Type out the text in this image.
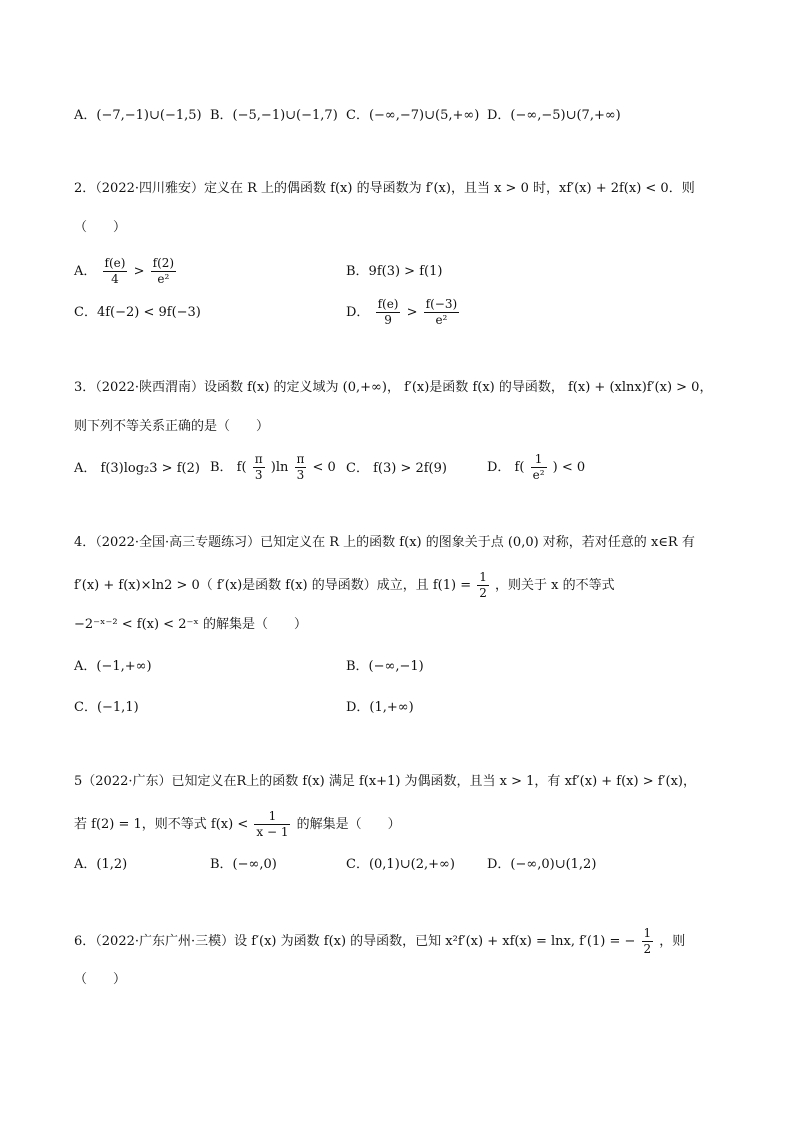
A．(−7,−1)∪(−1,5) B．(−5,−1)∪(−1,7) C．(−∞,−7)∪(5,+∞) D．(−∞,−5)∪(7,+∞)
2．（2022·四川雅安）定义在 R 上的偶函数 f(x) 的导函数为 f′(x)，且当 x > 0 时，xf′(x) + 2f(x) < 0．则
（　　）
A． $\frac{f(e)}{4} > \frac{f(2)}{\text{e²}}$	B．9f(3) > f(1)
C．4f(−2) < 9f(−3)	D． $\frac{f(e)}{9} > \frac{f(-3)}{\text{e²}}$
3．（2022·陕西渭南）设函数 f(x) 的定义域为 (0,+∞)， f′(x)是函数 f(x) 的导函数， f(x) + (xlnx)f′(x) > 0，
则下列不等关系正确的是（　　）
A． f(3)log₂3 > f(2) B． $f( \frac{\pi}{3} )\ln \frac{\pi}{3} < 0$ C． f(3) > 2f(9)	D． $f( \frac{1}{\text{e²}}$ ) < 0
4．（2022·全国·高三专题练习）已知定义在 R 上的函数 f(x) 的图象关于点 (0,0) 对称，若对任意的 x∈R 有
f′(x) + f(x)×ln2 > 0（ f′(x)是函数 f(x) 的导函数）成立，且 $f(1) = \frac{1}{2}$ ，则关于 x 的不等式
−2⁻ˣ⁻² < f(x) < 2⁻ˣ 的解集是（　　）
A．(−1,+∞)	B．(−∞,−1)
C．(−1,1)	D．(1,+∞)
5（2022·广东）已知定义在R上的函数 f(x) 满足 f(x+1) 为偶函数，且当 x > 1，有 xf′(x) + f(x) > f′(x)，
若 f(2) = 1，则不等式 $f(x) < \frac{1}{x - 1}$ 的解集是（　　）
A．(1,2)	B．(−∞,0)	C．(0,1)∪(2,+∞) D．(−∞,0)∪(1,2)
6．（2022·广东广州·三模）设 f′(x) 为函数 f(x) 的导函数，已知 x²f′(x) + xf(x) = lnx, f′(1) = − $\frac{1}{2}$ ，则
（　　）
